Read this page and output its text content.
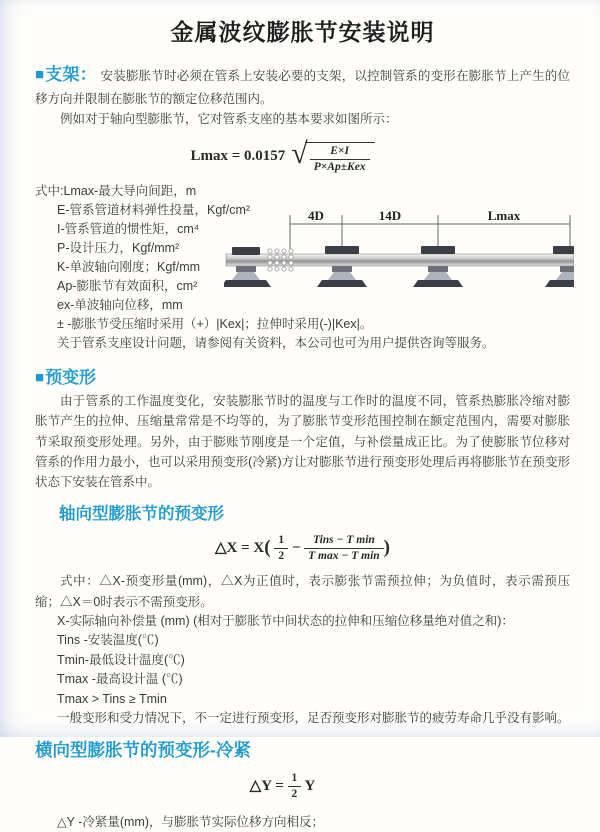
金属波纹膨胀节安装说明
■支架： 安装膨胀节时必须在管系上安装必要的支架，以控制管系的变形在膨胀节上产生的位移方向并限制在膨胀节的额定位移范围内。
例如对于轴向型膨胀节，它对管系支座的基本要求如图所示：
Lmax = 0.0157 √ $\frac{E\times I}{\text{P×Ap±Kex}}$
式中:Lmax-最大导向间距，m
E-管系管道材料弹性投量，Kgf/cm²
I-管系管道的惯性矩，cm⁴
P-设计压力，Kgf/mm²
K-单波轴向刚度；Kgf/mm
Ap-膨胀节有效面积，cm²
ex-单波轴向位移，mm
± -膨胀节受压缩时采用（+）|Kex|；拉伸时采用(-)|Kex|。
关于管系支座设计问题，请参阅有关资料，本公司也可为用户提供咨询等服务。
4D	14D	Lmax
■预变形
由于管系的工作温度变化，安装膨胀节时的温度与工作时的温度不同，管系热膨胀冷缩对膨胀节产生的拉伸、压缩量常常是不均等的，为了膨胀节变形范围控制在额定范围内，需要对膨胀节采取预变形处理。另外，由于膨账节刚度是一个定值，与补偿量成正比。为了使膨胀节位移对管系的作用力最小，也可以采用预变形(冷紧)方让对膨胀节进行预变形处理后再将膨胀节在预变形状态下安装在管系中。
轴向型膨胀节的预变形
△X = $X( \frac{1}{2} - \frac{\text{Tins − T min}}{\text{T max − T min}}$ )
式中：△X-预变形量(mm)，△X为正值时，表示膨张节需预拉伸；为负值时，表示需预压缩；△X＝0时表示不需预变形。
X-实际轴向补偿量 (mm) (相对于膨胀节中间状态的拉伸和压缩位移量绝对值之和)：
Tins -安装温度(℃)
Tmin-最低设计温度(℃)
Tmax -最高设计温 (℃)
Tmax > Tins ≥ Tmin
一般变形和受力情况下，不一定进行预变形，足否预变形对膨胀节的疲劳寿命几乎没有影响。
横向型膨胀节的预变形-冷紧
△Y = $\frac{1}{2}$ Y
△Y -冷紧量(mm)，与膨胀节实际位移方向相反；
